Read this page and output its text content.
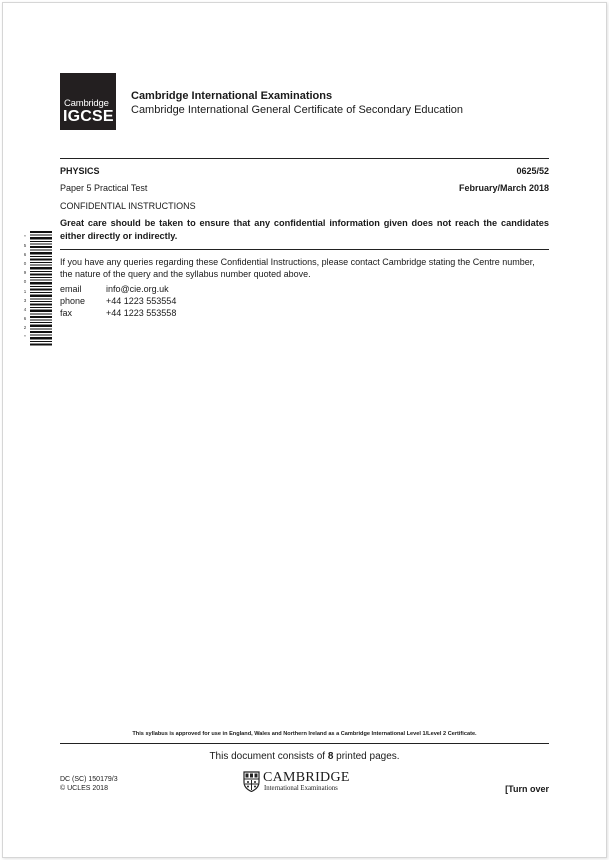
Cambridge
IGCSE
Cambridge International Examinations
Cambridge International General Certificate of Secondary Education
PHYSICS	0625/52
Paper 5 Practical Test	February/March 2018
CONFIDENTIAL INSTRUCTIONS
Great care should be taken to ensure that any confidential information given does not reach the candidates either directly or indirectly.
If you have any queries regarding these Confidential Instructions, please contact Cambridge stating the Centre number, the nature of the query and the syllabus number quoted above.
email	info@cie.org.uk
phone	+44 1223 553554
fax	+44 1223 553558
*
5
6
0
9
0
1
3
4
6
2
*
This syllabus is approved for use in England, Wales and Northern Ireland as a Cambridge International Level 1/Level 2 Certificate.
This document consists of 8 printed pages.
DC (SC) 150179/3
© UCLES 2018
CAMBRIDGE
International Examinations	[Turn over
